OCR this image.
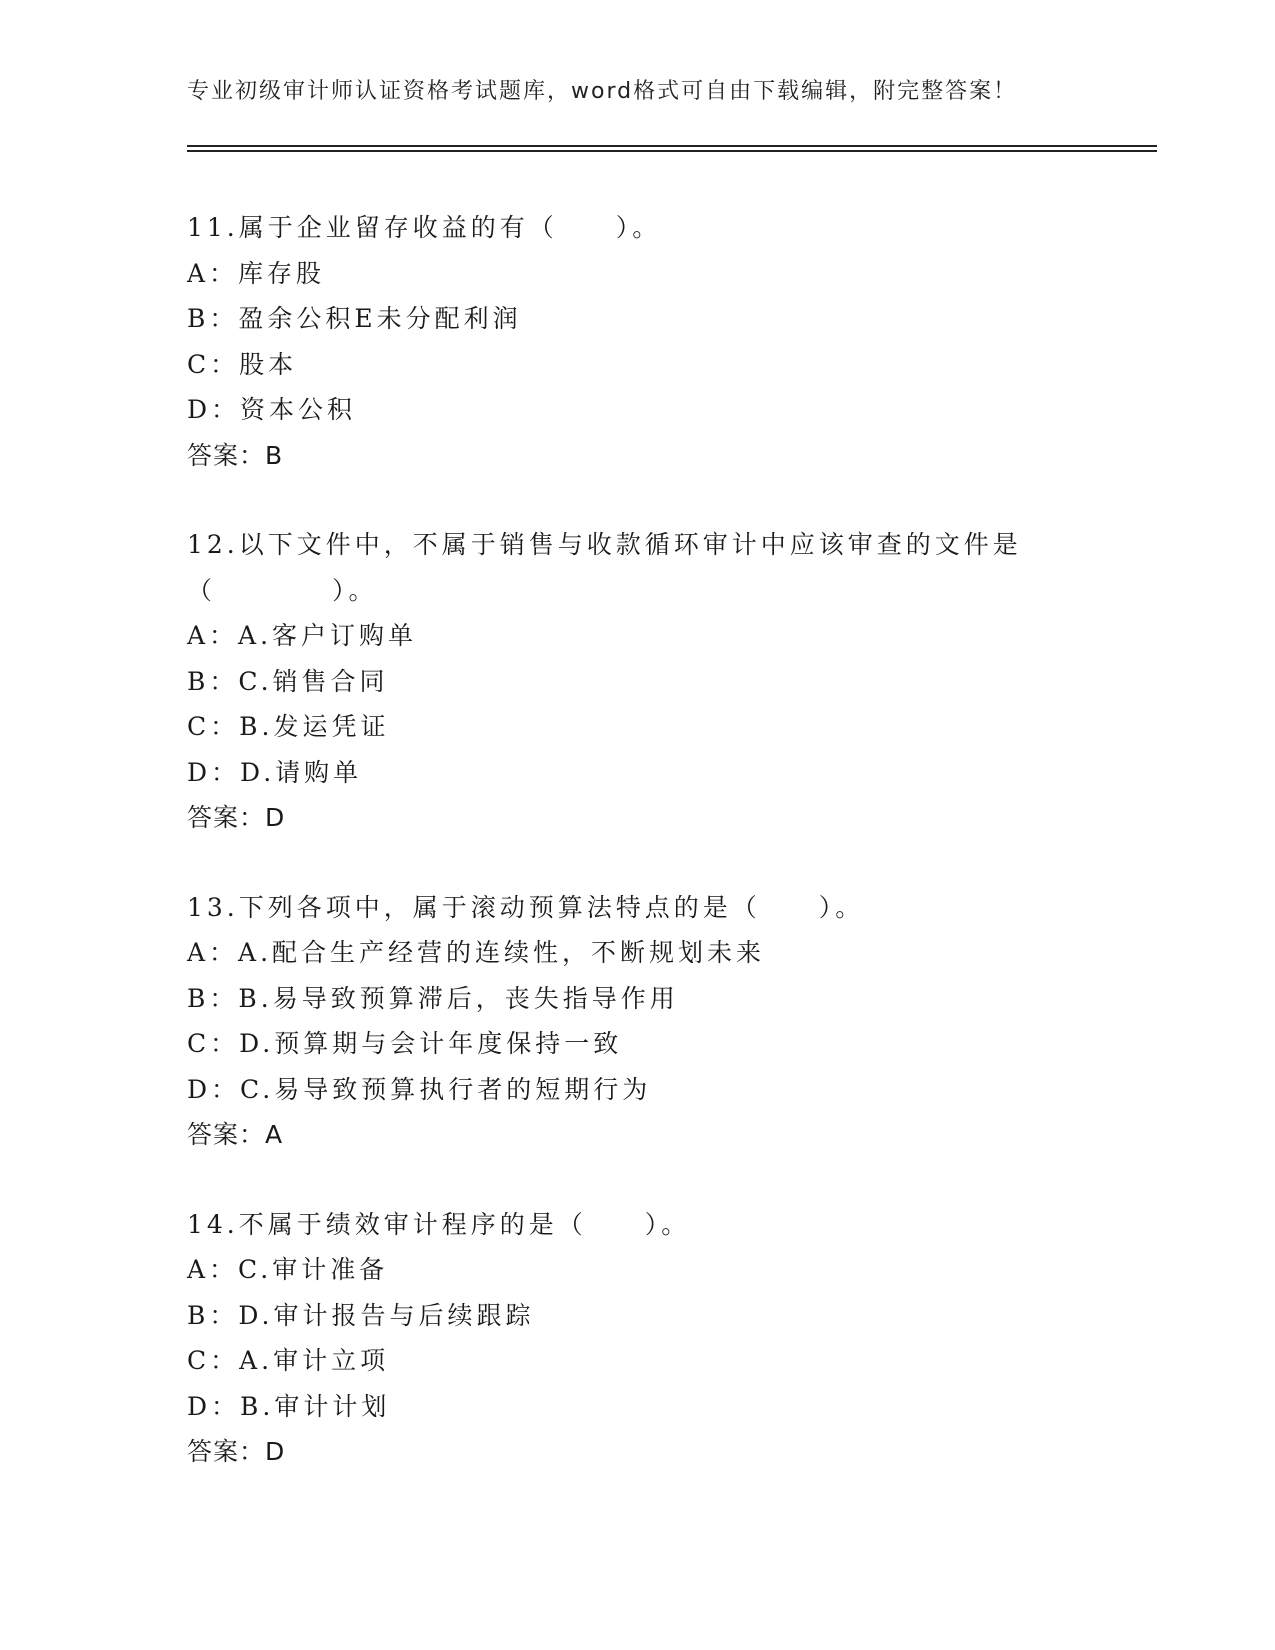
专业初级审计师认证资格考试题库，word格式可自由下载编辑，附完整答案！
11.属于企业留存收益的有（　　）。
A：库存股
B：盈余公积E未分配利润
C：股本
D：资本公积
答案：B
12.以下文件中，不属于销售与收款循环审计中应该审查的文件是
（　　　　）。
A：A.客户订购单
B：C.销售合同
C：B.发运凭证
D：D.请购单
答案：D
13.下列各项中，属于滚动预算法特点的是（　　）。
A：A.配合生产经营的连续性，不断规划未来
B：B.易导致预算滞后，丧失指导作用
C：D.预算期与会计年度保持一致
D：C.易导致预算执行者的短期行为
答案：A
14.不属于绩效审计程序的是（　　）。
A：C.审计准备
B：D.审计报告与后续跟踪
C：A.审计立项
D：B.审计计划
答案：D
